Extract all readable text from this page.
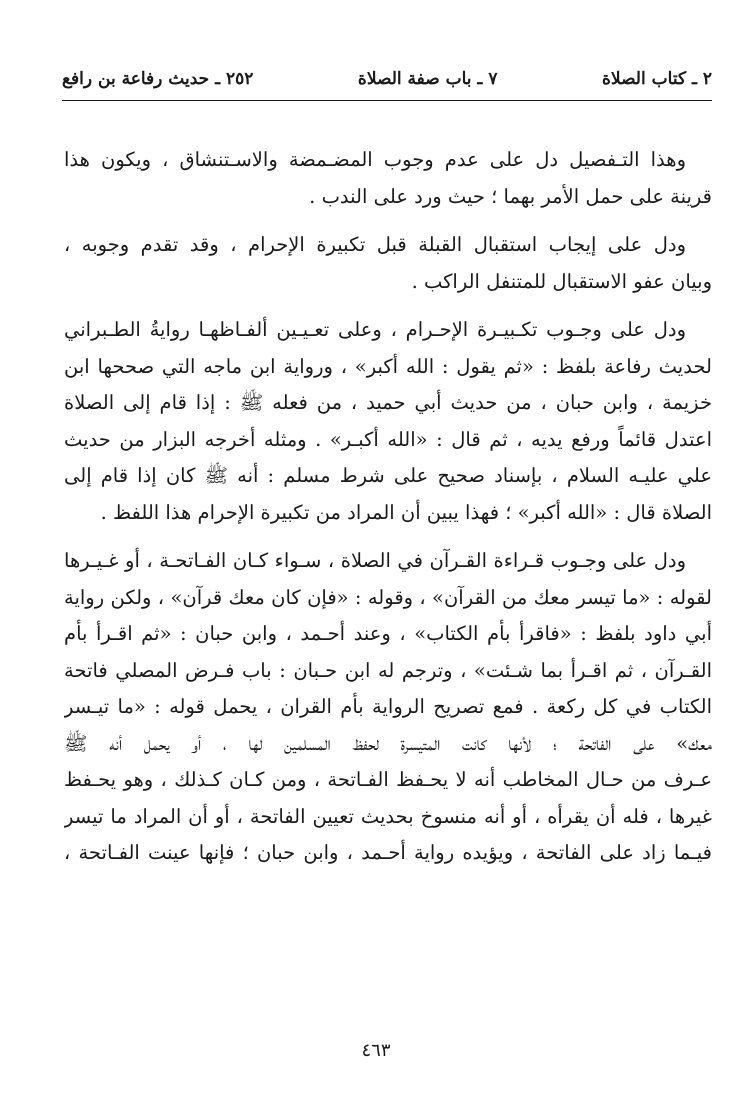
٢ ـ كتاب الصلاة
٧ ـ باب صفة الصلاة
٢٥٢ ـ حديث رفاعة بن رافع

وهذا التـفصيل دل على عدم وجوب المضـمضة والاسـتنشاق ، ويكون هذا
قرينة على حمل الأمر بهما ؛ حيث ورد على الندب .

ودل على إيجاب استقبال القبلة قبل تكبيرة الإحرام ، وقد تقدم وجوبه ،
وبيان عفو الاستقبال للمتنفل الراكب .

ودل على وجـوب تكـبيـرة الإحـرام ، وعلى تعـيـين ألفـاظهـا روايةُ الطـبراني
لحديث رفاعة بلفظ : «ثم يقول : الله أكبر» ، ورواية ابن ماجه التي صححها ابن
خزيمة ، وابن حبان ، من حديث أبي حميد ، من فعله ﷺ : إذا قام إلى الصلاة
اعتدل قائماً ورفع يديه ، ثم قال : «الله أكبـر» . ومثله أخرجه البزار من حديث
علي عليـه السلام ، بإسناد صحيح على شرط مسلم : أنه ﷺ كان إذا قام إلى
الصلاة قال : «الله أكبر» ؛ فهذا يبين أن المراد من تكبيرة الإحرام هذا اللفظ .

ودل على وجـوب قـراءة القـرآن في الصلاة ، سـواء كـان الفـاتحـة ، أو غـيـرها
لقوله : «ما تيسر معك من القرآن» ، وقوله : «فإن كان معك قرآن» ، ولكن رواية
أبي داود بلفظ : «فاقرأ بأم الكتاب» ، وعند أحـمد ، وابن حبان : «ثم اقـرأ بأم
القـرآن ، ثم اقـرأ بما شـئت» ، وترجم له ابن حـبان : باب فـرض المصلي فاتحة
الكتاب في كل ركعة . فمع تصريح الرواية بأم القران ، يحمل قوله : «ما تيـسر
معك» على الفاتحة ؛ لأنها كانت المتيسرة لحفظ المسلمين لها ، أو يحمل أنه ﷺ
عـرف من حـال المخاطب أنه لا يحـفظ الفـاتحة ، ومن كـان كـذلك ، وهو يحـفظ
غيرها ، فله أن يقرأه ، أو أنه منسوخ بحديث تعيين الفاتحة ، أو أن المراد ما تيسر
فيـما زاد على الفاتحة ، ويؤيده رواية أحـمد ، وابن حبان ؛ فإنها عينت الفـاتحة ،

٤٦٣
